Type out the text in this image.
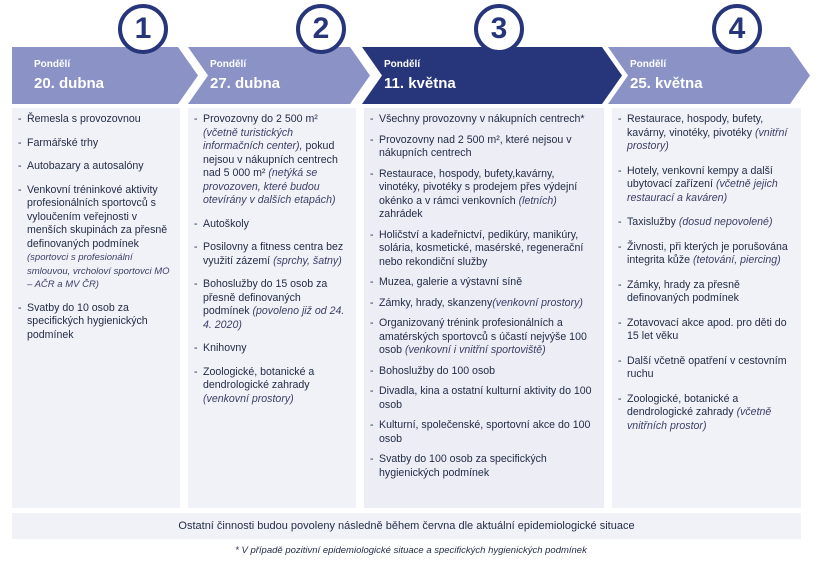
Pondělí
20. dubna
Pondělí
27. dubna
Pondělí
11. května
Pondělí
25. května
1	2	3	4
- Řemesla s provozovnou
- Farmářské trhy
- Autobazary a autosalóny
- Venkovní tréninkové aktivity profesionálních sportovců s vyloučením veřejnosti v menších skupinách za přesně definovaných podmínek (sportovci s profesionální smlouvou, vrcholoví sportovci MO – AČR a MV ČR)
- Svatby do 10 osob za specifických hygienických podmínek
- Provozovny do 2 500 m² (včetně turistických informačních center), pokud nejsou v nákupních centrech nad 5 000 m² (netýká se provozoven, které budou otevírány v dalších etapách)
- Autoškoly
- Posilovny a fitness centra bez využití zázemí (sprchy, šatny)
- Bohoslužby do 15 osob za přesně definovaných podmínek (povoleno již od 24. 4. 2020)
- Knihovny
- Zoologické, botanické a dendrologické zahrady (venkovní prostory)
- Všechny provozovny v nákupních centrech*
- Provozovny nad 2 500 m², které nejsou v nákupních centrech
- Restaurace, hospody, bufety,kavárny, vinotéky, pivotéky s prodejem přes výdejní okénko a v rámci venkovních (letních) zahrádek
- Holičství a kadeřnictví, pedikúry, manikúry, solária, kosmetické, masérské, regenerační nebo rekondiční služby
- Muzea, galerie a výstavní síně
- Zámky, hrady, skanzeny(venkovní prostory)
- Organizovaný trénink profesionálních a amatérských sportovců s účastí nejvýše 100 osob (venkovní i vnitřní sportoviště)
- Bohoslužby do 100 osob
- Divadla, kina a ostatní kulturní aktivity do 100 osob
- Kulturní, společenské, sportovní akce do 100 osob
- Svatby do 100 osob za specifických hygienických podmínek
- Restaurace, hospody, bufety, kavárny, vinotéky, pivotéky (vnitřní prostory)
- Hotely, venkovní kempy a další ubytovací zařízení (včetně jejich restaurací a kaváren)
- Taxislužby (dosud nepovolené)
- Živnosti, při kterých je porušována integrita kůže (tetování, piercing)
- Zámky, hrady za přesně definovaných podmínek
- Zotavovací akce apod. pro děti do 15 let věku
- Další včetně opatření v cestovním ruchu
- Zoologické, botanické a dendrologické zahrady (včetně vnitřních prostor)
Ostatní činnosti budou povoleny následně během června dle aktuální epidemiologické situace
* V případě pozitivní epidemiologické situace a specifických hygienických podmínek
